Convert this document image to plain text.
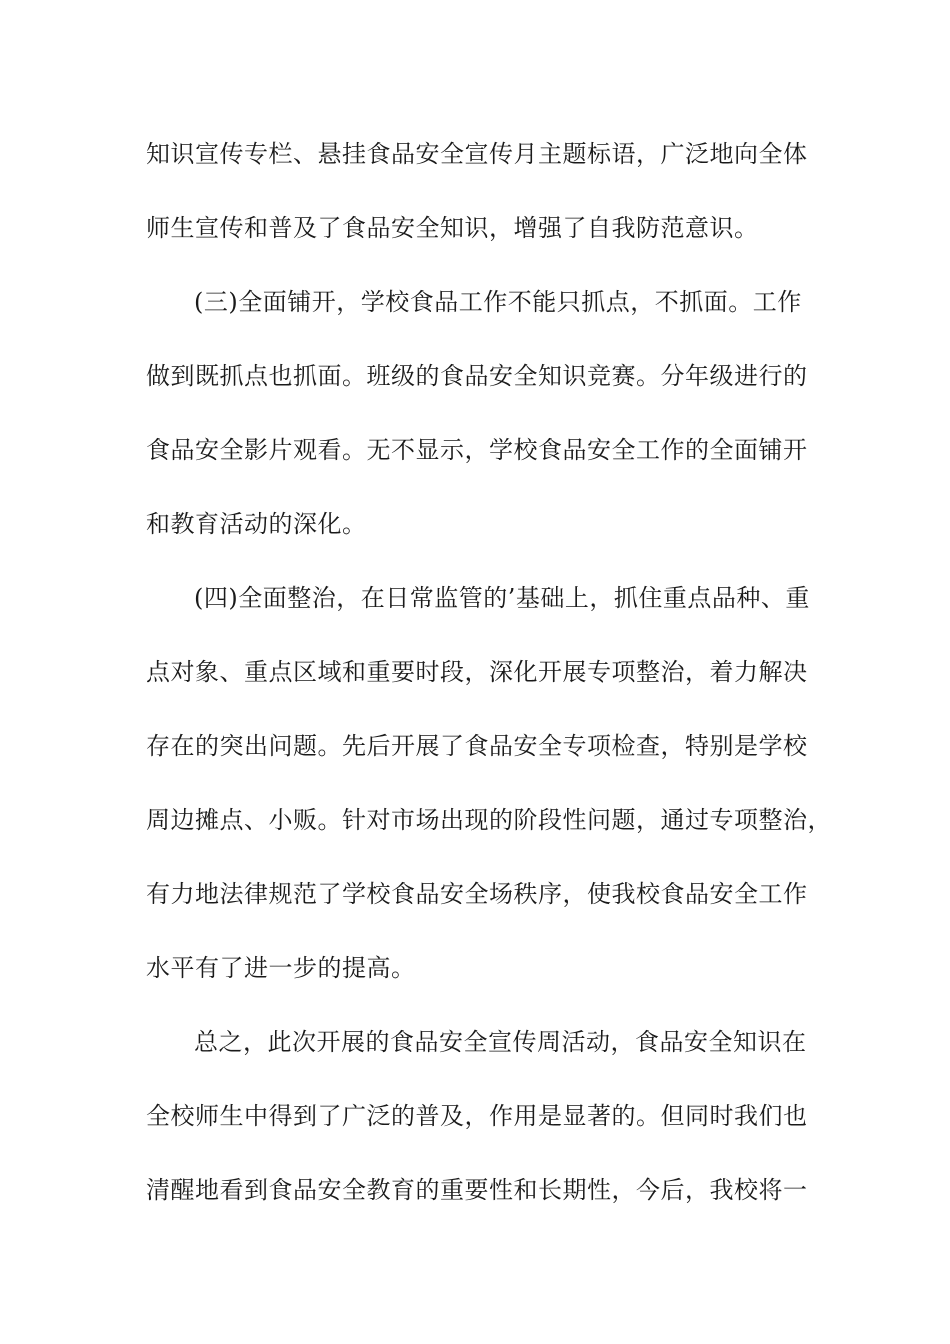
知识宣传专栏、悬挂食品安全宣传月主题标语，广泛地向全体
师生宣传和普及了食品安全知识，增强了自我防范意识。
(三)全面铺开，学校食品工作不能只抓点，不抓面。工作
做到既抓点也抓面。班级的食品安全知识竞赛。分年级进行的
食品安全影片观看。无不显示，学校食品安全工作的全面铺开
和教育活动的深化。
(四)全面整治，在日常监管的’基础上，抓住重点品种、重
点对象、重点区域和重要时段，深化开展专项整治，着力解决
存在的突出问题。先后开展了食品安全专项检查，特别是学校
周边摊点、小贩。针对市场出现的阶段性问题，通过专项整治，
有力地法律规范了学校食品安全场秩序，使我校食品安全工作
水平有了进一步的提高。
总之，此次开展的食品安全宣传周活动，食品安全知识在
全校师生中得到了广泛的普及，作用是显著的。但同时我们也
清醒地看到食品安全教育的重要性和长期性，今后，我校将一
